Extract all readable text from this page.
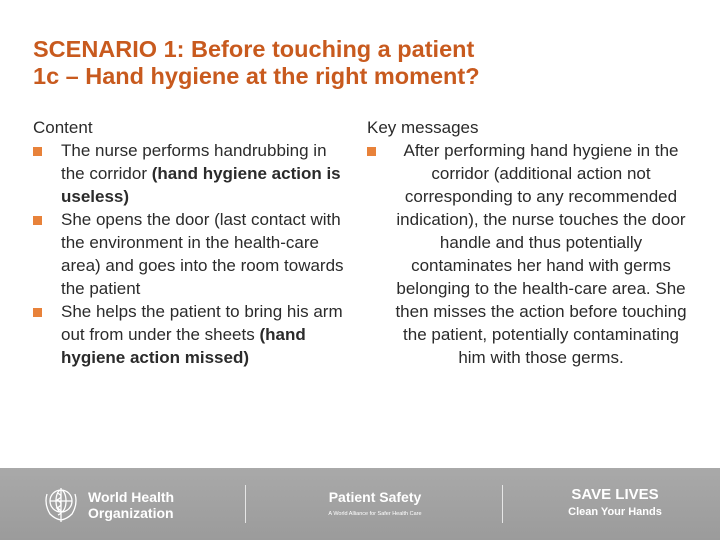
SCENARIO 1: Before touching a patient
1c – Hand hygiene at the right moment?
Content
The nurse performs handrubbing in the corridor (hand hygiene action is useless)
She opens the door (last contact with the environment in the health-care area) and goes into the room towards the patient
She helps the patient to bring his arm out from under the sheets (hand hygiene action missed)
Key messages
After performing hand hygiene in the corridor (additional action not corresponding to any recommended indication), the nurse touches the door handle and thus potentially contaminates her hand with germs belonging to the health-care area. She then misses the action before touching the patient, potentially contaminating him with those germs.
World Health
Organization
Patient Safety
A World Alliance for Safer Health Care
SAVE LIVES
Clean Your Hands
